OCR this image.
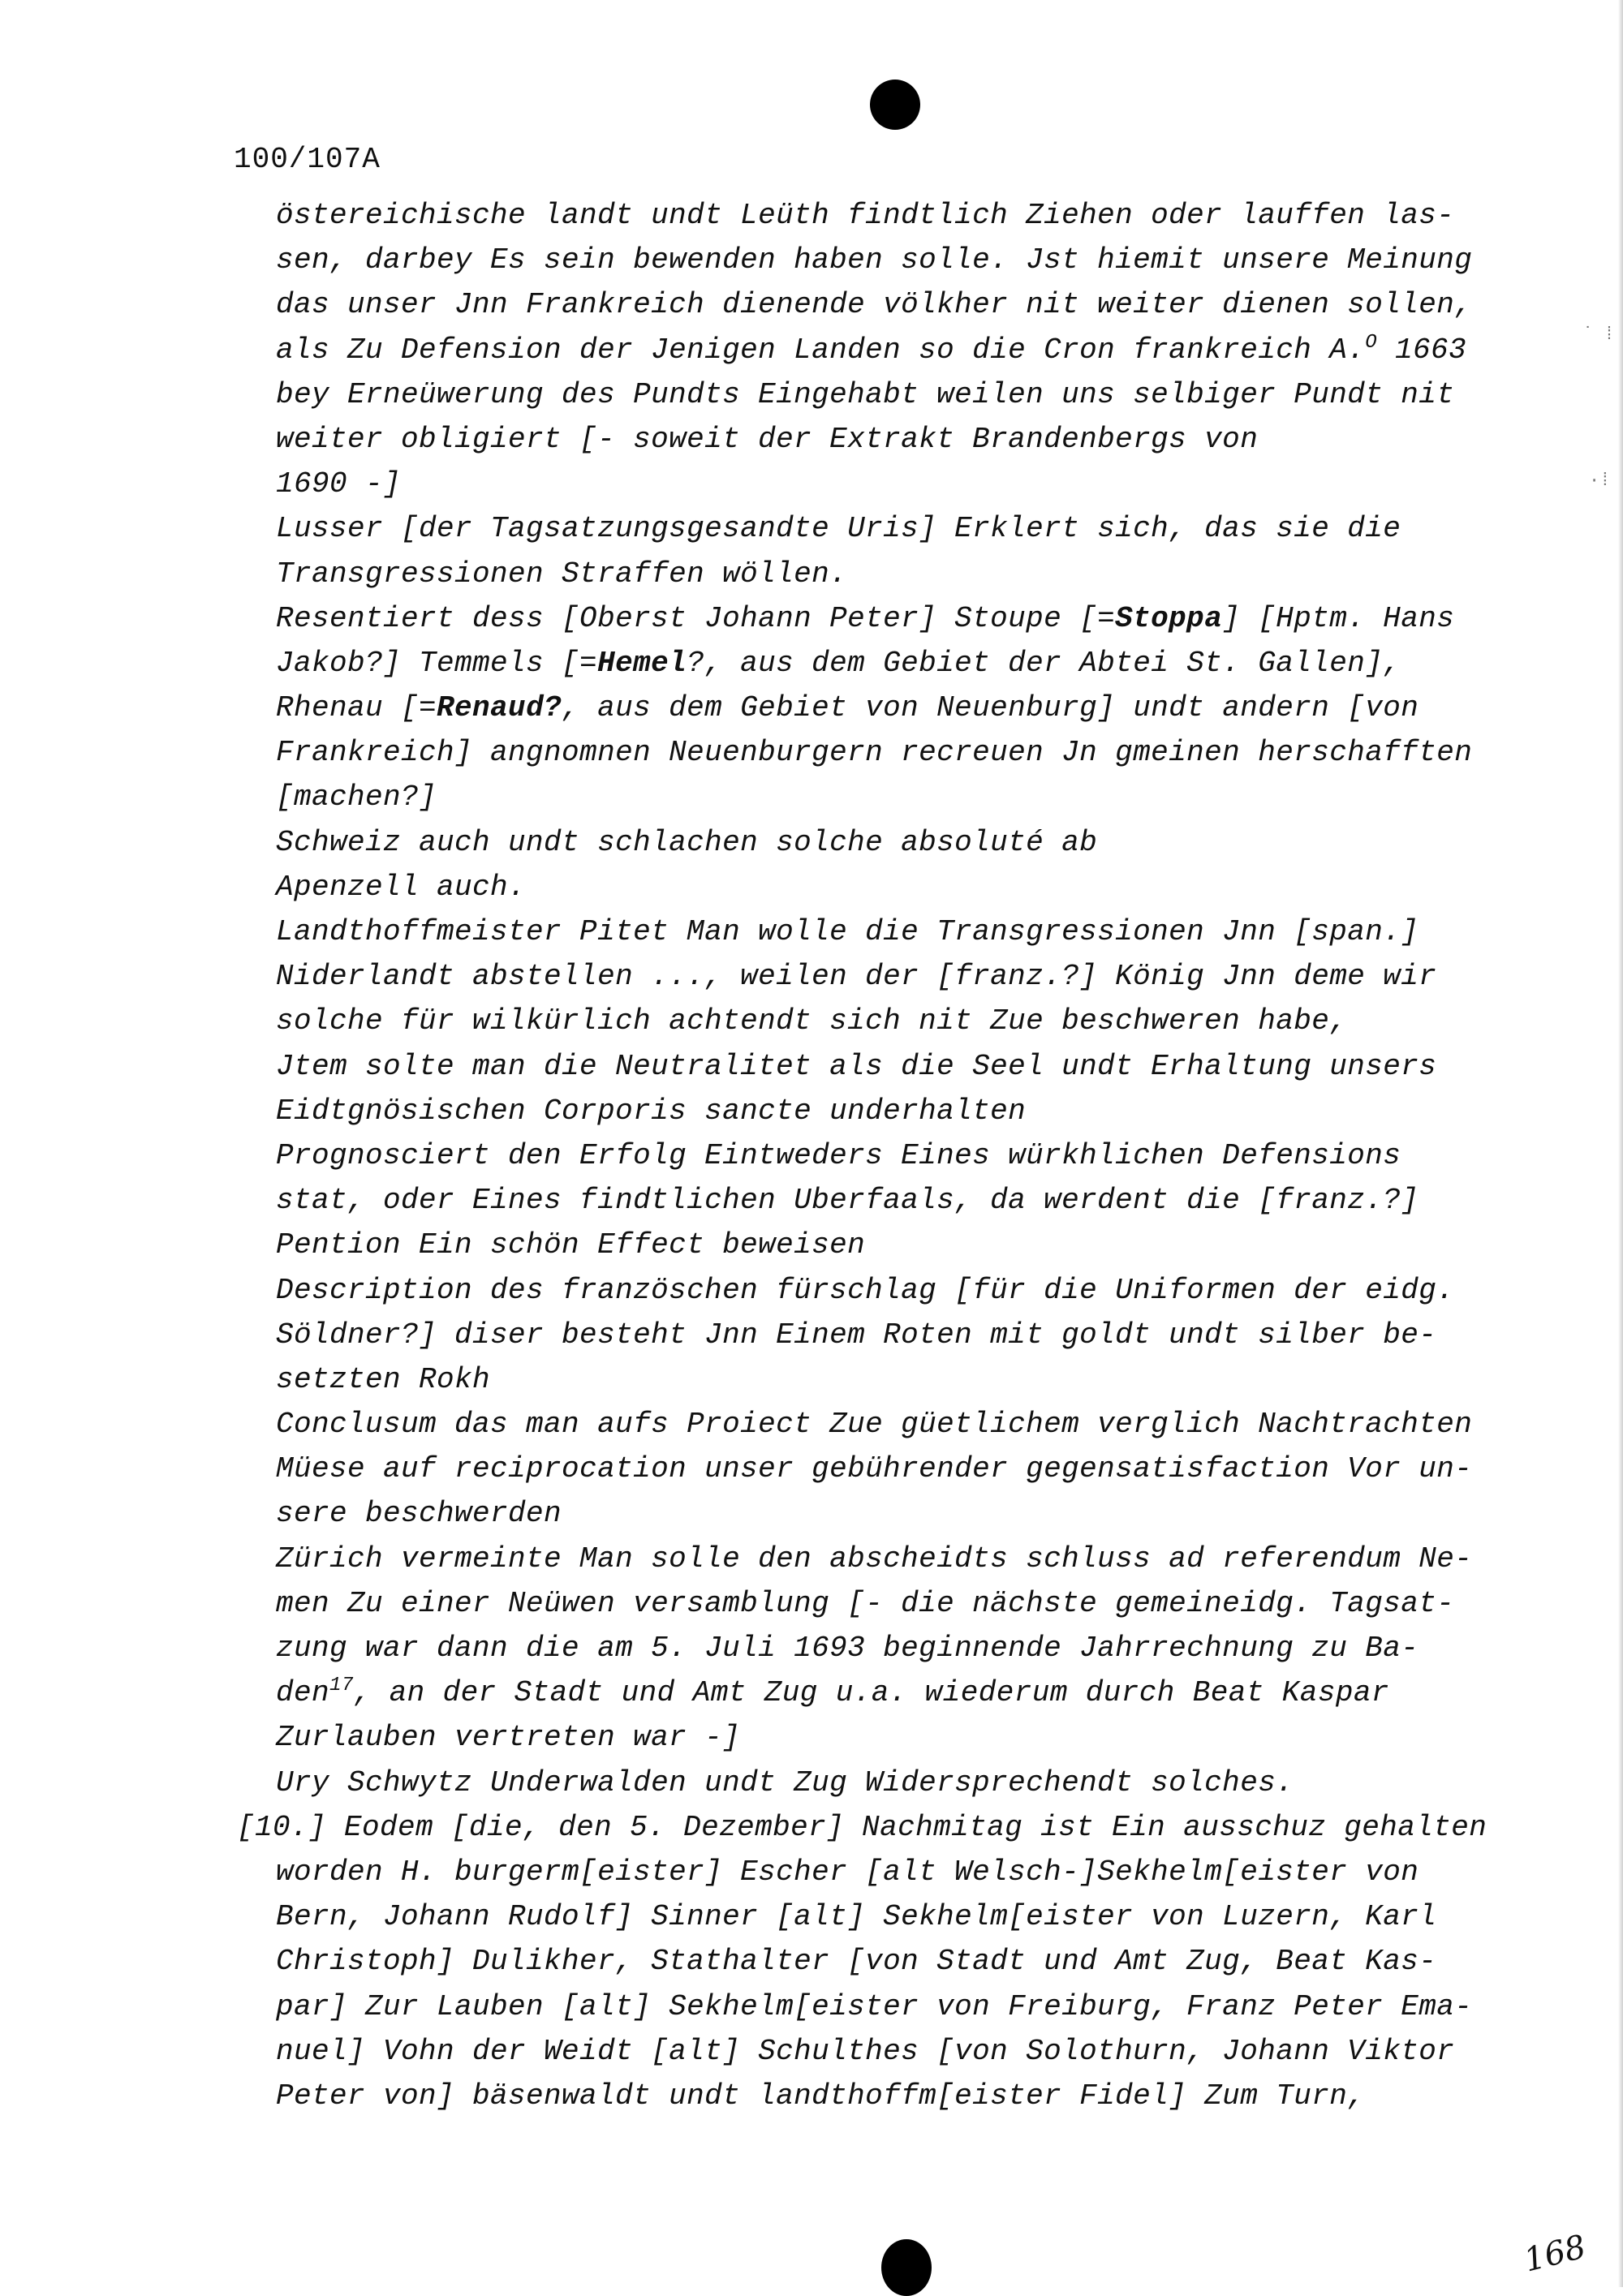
˙ ⁞
·⁞
100/107A
östereichische landt undt Leüth findtlich Ziehen oder lauffen las-
sen, darbey Es sein bewenden haben solle. Jst hiemit unsere Meinung
das unser Jnn Frankreich dienende völkher nit weiter dienen sollen,
als Zu Defension der Jenigen Landen so die Cron frankreich A.$^O$ 1663
bey Erneüwerung des Pundts Eingehabt weilen uns selbiger Pundt nit
weiter obligiert [- soweit der Extrakt Brandenbergs von
1690 -]
Lusser [der Tagsatzungsgesandte Uris] Erklert sich, das sie die
Transgressionen Straffen wöllen.
Resentiert dess [Oberst Johann Peter] Stoupe [=Stoppa] [Hptm. Hans
Jakob?] Temmels [=Hemel?, aus dem Gebiet der Abtei St. Gallen],
Rhenau [=Renaud?, aus dem Gebiet von Neuenburg] undt andern [von
Frankreich] angnomnen Neuenburgern recreuen Jn gmeinen herschafften
[machen?]
Schweiz auch undt schlachen solche absoluté ab
Apenzell auch.
Landthoffmeister Pitet Man wolle die Transgressionen Jnn [span.]
Niderlandt abstellen ..., weilen der [franz.?] König Jnn deme wir
solche für wilkürlich achtendt sich nit Zue beschweren habe,
Jtem solte man die Neutralitet als die Seel undt Erhaltung unsers
Eidtgnösischen Corporis sancte underhalten
Prognosciert den Erfolg Eintweders Eines würkhlichen Defensions
stat, oder Eines findtlichen Uberfaals, da werdent die [franz.?]
Pention Ein schön Effect beweisen
Description des französchen fürschlag [für die Uniformen der eidg.
Söldner?] diser besteht Jnn Einem Roten mit goldt undt silber be-
setzten Rokh
Conclusum das man aufs Proiect Zue güetlichem verglich Nachtrachten
Müese auf reciprocation unser gebührender gegensatisfaction Vor un-
sere beschwerden
Zürich vermeinte Man solle den abscheidts schluss ad referendum Ne-
men Zu einer Neüwen versamblung [- die nächste gemeineidg. Tagsat-
zung war dann die am 5. Juli 1693 beginnende Jahrrechnung zu Ba-
den$^{17}$, an der Stadt und Amt Zug u.a. wiederum durch Beat Kaspar
Zurlauben vertreten war -]
Ury Schwytz Underwalden undt Zug Widersprechendt solches.
[10.] Eodem [die, den 5. Dezember] Nachmitag ist Ein ausschuz gehalten
worden H. burgerm[eister] Escher [alt Welsch-]Sekhelm[eister von
Bern, Johann Rudolf] Sinner [alt] Sekhelm[eister von Luzern, Karl
Christoph] Dulikher, Stathalter [von Stadt und Amt Zug, Beat Kas-
par] Zur Lauben [alt] Sekhelm[eister von Freiburg, Franz Peter Ema-
nuel] Vohn der Weidt [alt] Schulthes [von Solothurn, Johann Viktor
Peter von] bäsenwaldt undt landthoffm[eister Fidel] Zum Turn,
168
